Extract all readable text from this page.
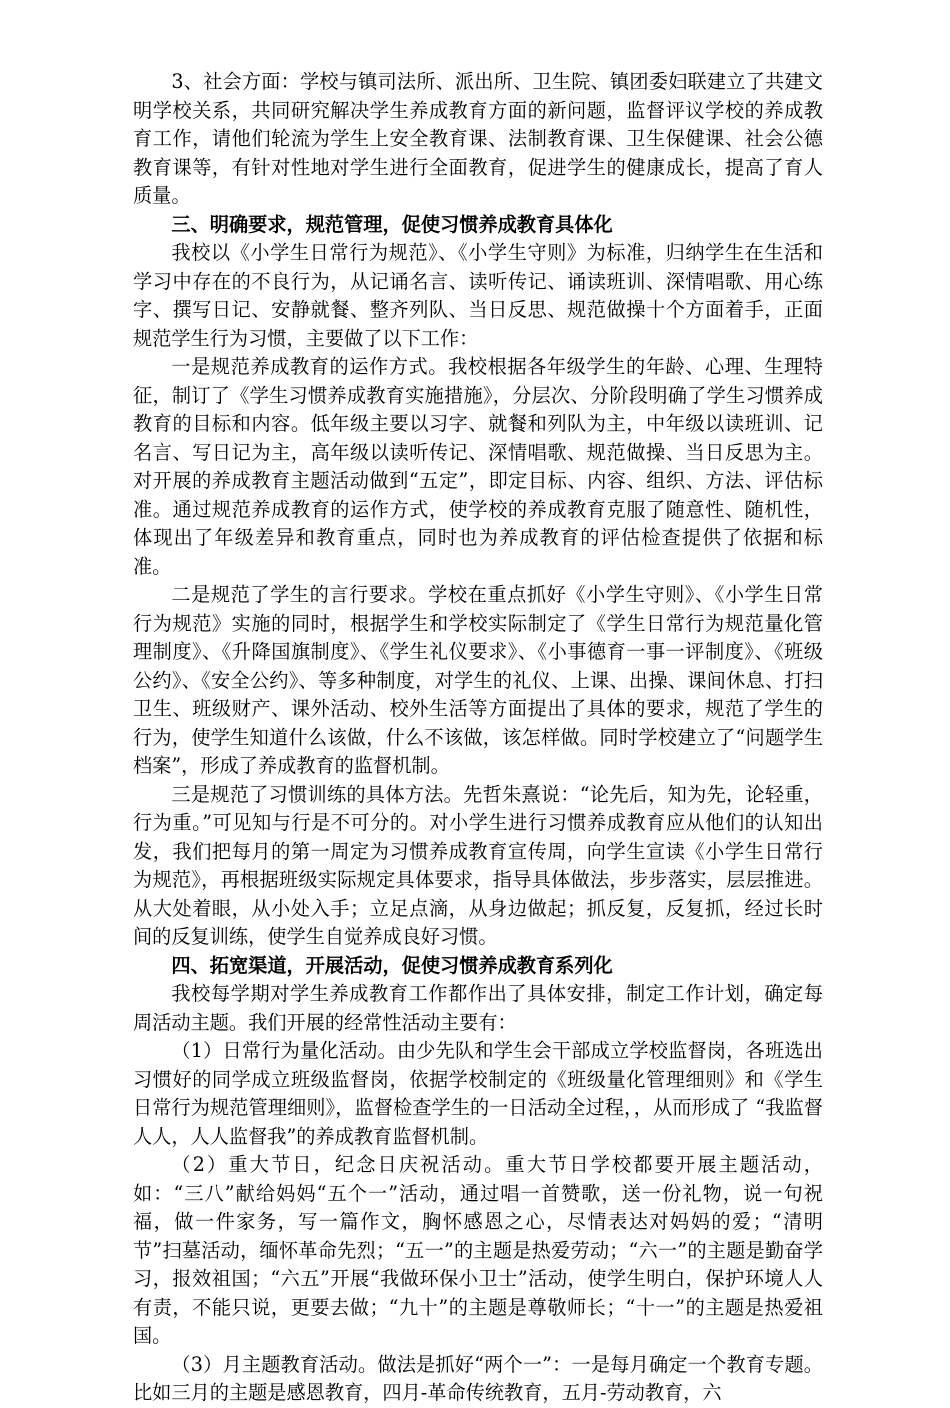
3、社会方面：学校与镇司法所、派出所、卫生院、镇团委妇联建立了共建文明学校关系，共同研究解决学生养成教育方面的新问题，监督评议学校的养成教育工作，请他们轮流为学生上安全教育课、法制教育课、卫生保健课、社会公德教育课等，有针对性地对学生进行全面教育，促进学生的健康成长，提高了育人质量。

三、明确要求，规范管理，促使习惯养成教育具体化

我校以《小学生日常行为规范》、《小学生守则》为标准，归纳学生在生活和学习中存在的不良行为，从记诵名言、读听传记、诵读班训、深情唱歌、用心练字、撰写日记、安静就餐、整齐列队、当日反思、规范做操十个方面着手，正面规范学生行为习惯，主要做了以下工作：

一是规范养成教育的运作方式。我校根据各年级学生的年龄、心理、生理特征，制订了《学生习惯养成教育实施措施》，分层次、分阶段明确了学生习惯养成教育的目标和内容。低年级主要以习字、就餐和列队为主，中年级以读班训、记名言、写日记为主，高年级以读听传记、深情唱歌、规范做操、当日反思为主。对开展的养成教育主题活动做到“五定”，即定目标、内容、组织、方法、评估标准。通过规范养成教育的运作方式，使学校的养成教育克服了随意性、随机性，体现出了年级差异和教育重点，同时也为养成教育的评估检查提供了依据和标准。

二是规范了学生的言行要求。学校在重点抓好《小学生守则》、《小学生日常行为规范》实施的同时，根据学生和学校实际制定了《学生日常行为规范量化管理制度》、《升降国旗制度》、《学生礼仪要求》、《小事德育一事一评制度》、《班级公约》、《安全公约》、等多种制度，对学生的礼仪、上课、出操、课间休息、打扫卫生、班级财产、课外活动、校外生活等方面提出了具体的要求，规范了学生的行为，使学生知道什么该做，什么不该做，该怎样做。同时学校建立了“问题学生档案”，形成了养成教育的监督机制。

三是规范了习惯训练的具体方法。先哲朱熹说：“论先后，知为先，论轻重，行为重。”可见知与行是不可分的。对小学生进行习惯养成教育应从他们的认知出发，我们把每月的第一周定为习惯养成教育宣传周，向学生宣读《小学生日常行为规范》，再根据班级实际规定具体要求，指导具体做法，步步落实，层层推进。从大处着眼，从小处入手；立足点滴，从身边做起；抓反复，反复抓，经过长时间的反复训练，使学生自觉养成良好习惯。

四、拓宽渠道，开展活动，促使习惯养成教育系列化

我校每学期对学生养成教育工作都作出了具体安排，制定工作计划，确定每周活动主题。我们开展的经常性活动主要有：

（1）日常行为量化活动。由少先队和学生会干部成立学校监督岗，各班选出习惯好的同学成立班级监督岗，依据学校制定的《班级量化管理细则》和《学生日常行为规范管理细则》，监督检查学生的一日活动全过程，，从而形成了 “我监督人人，人人监督我”的养成教育监督机制。

（2）重大节日，纪念日庆祝活动。重大节日学校都要开展主题活动，如：“三八”献给妈妈“五个一”活动，通过唱一首赞歌，送一份礼物，说一句祝福，做一件家务，写一篇作文，胸怀感恩之心，尽情表达对妈妈的爱；“清明节”扫墓活动，缅怀革命先烈；“五一”的主题是热爱劳动；“六一”的主题是勤奋学习，报效祖国；“六五”开展“我做环保小卫士”活动，使学生明白，保护环境人人有责，不能只说，更要去做；“九十”的主题是尊敬师长；“十一”的主题是热爱祖国。

（3）月主题教育活动。做法是抓好“两个一”：一是每月确定一个教育专题。比如三月的主题是感恩教育，四月-革命传统教育，五月-劳动教育，六
